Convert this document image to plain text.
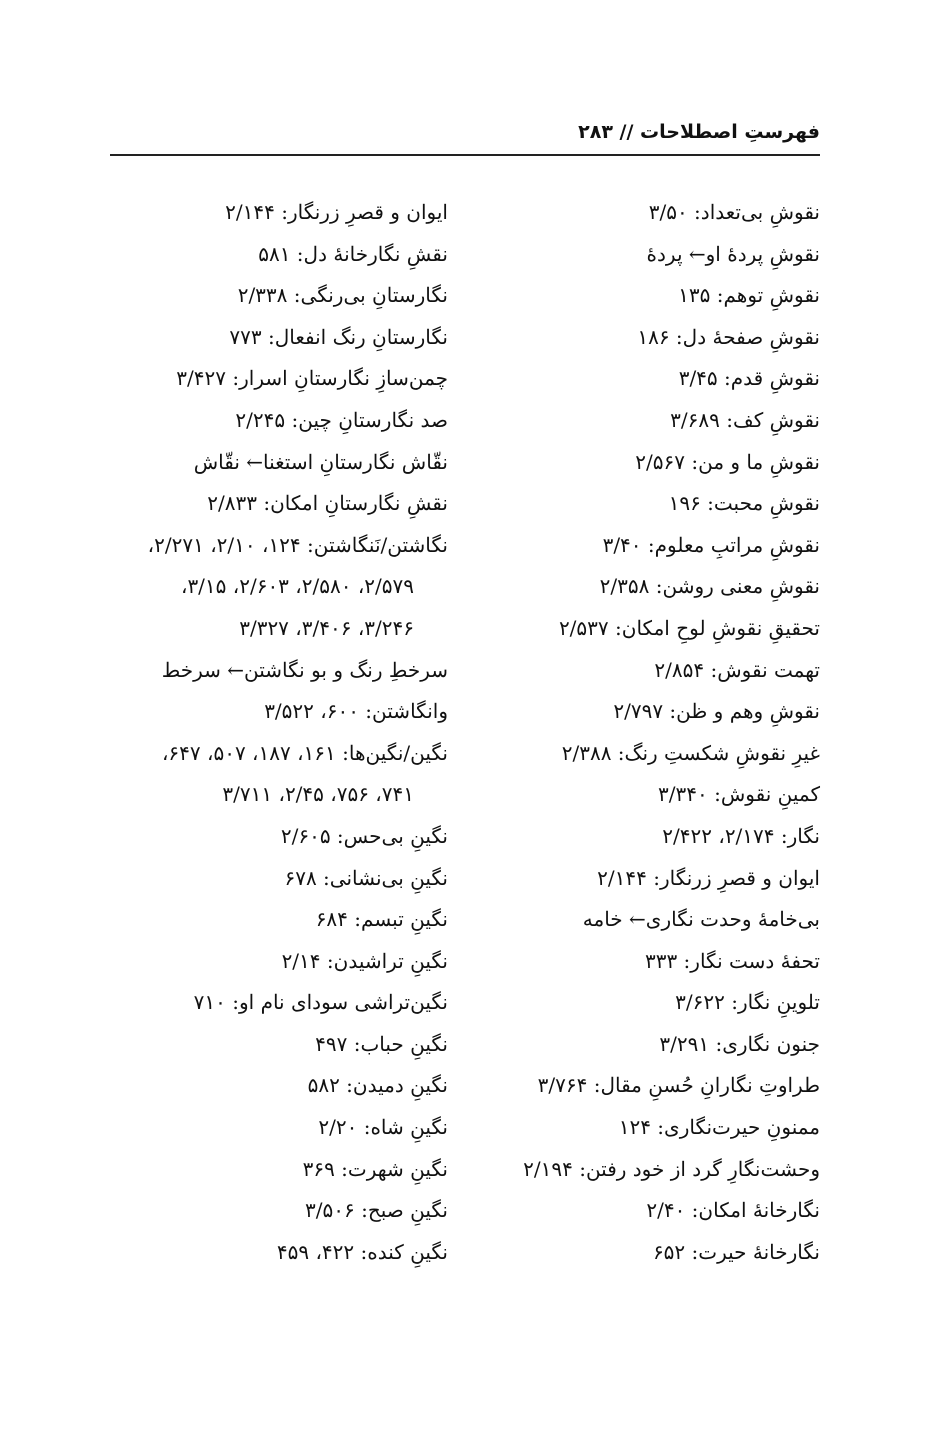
فهرستِ اصطلاحات // ۲۸۳
نقوشِ بی‌تعداد: ۳/۵۰
نقوشِ پردهٔ او← پردهٔ
نقوشِ توهم: ۱۳۵
نقوشِ صفحهٔ دل: ۱۸۶
نقوشِ قدم: ۳/۴۵
نقوشِ کف: ۳/۶۸۹
نقوشِ ما و من: ۲/۵۶۷
نقوشِ محبت: ۱۹۶
نقوشِ مراتبِ معلوم: ۳/۴۰
نقوشِ معنی روشن: ۲/۳۵۸
تحقیقِ نقوشِ لوحِ امکان: ۲/۵۳۷
تهمت نقوش: ۲/۸۵۴
نقوشِ وهم و ظن: ۲/۷۹۷
غیرِ نقوشِ شکستِ رنگ: ۲/۳۸۸
کمینِ نقوش: ۳/۳۴۰
نگار: ۲/۱۷۴، ۲/۴۲۲
ایوان و قصرِ زرنگار: ۲/۱۴۴
بی‌خامهٔ وحدت نگاری← خامه
تحفهٔ دست نگار: ۳۳۳
تلوینِ نگار: ۳/۶۲۲
جنون نگاری: ۳/۲۹۱
طراوتِ نگارانِ حُسنِ مقال: ۳/۷۶۴
ممنونِ حیرت‌نگاری: ۱۲۴
وحشت‌نگارِ گرد از خود رفتن: ۲/۱۹۴
نگارخانهٔ امکان: ۲/۴۰
نگارخانهٔ حیرت: ۶۵۲
ایوان و قصرِ زرنگار: ۲/۱۴۴
نقشِ نگارخانهٔ دل: ۵۸۱
نگارستانِ بی‌رنگی: ۲/۳۳۸
نگارستانِ رنگ انفعال: ۷۷۳
چمن‌سازِ نگارستانِ اسرار: ۳/۴۲۷
صد نگارستانِ چین: ۲/۲۴۵
نقّاش نگارستانِ استغنا← نقّاش
نقشِ نگارستانِ امکان: ۲/۸۳۳
نگاشتن/نَنگاشتن: ۱۲۴، ۲/۱۰، ۲/۲۷۱،
۲/۵۷۹، ۲/۵۸۰، ۲/۶۰۳، ۳/۱۵،
۳/۲۴۶، ۳/۴۰۶، ۳/۳۲۷
سرخطِ رنگ و بو نگاشتن← سرخط
وانگاشتن: ۶۰۰، ۳/۵۲۲
نگین/نگین‌ها: ۱۶۱، ۱۸۷، ۵۰۷، ۶۴۷،
۷۴۱، ۷۵۶، ۲/۴۵، ۳/۷۱۱
نگینِ بی‌حس: ۲/۶۰۵
نگینِ بی‌نشانی: ۶۷۸
نگینِ تبسم: ۶۸۴
نگینِ تراشیدن: ۲/۱۴
نگین‌تراشی سودای نام او: ۷۱۰
نگینِ حباب: ۴۹۷
نگینِ دمیدن: ۵۸۲
نگینِ شاه: ۲/۲۰
نگینِ شهرت: ۳۶۹
نگینِ صبح: ۳/۵۰۶
نگینِ کنده: ۴۲۲، ۴۵۹
